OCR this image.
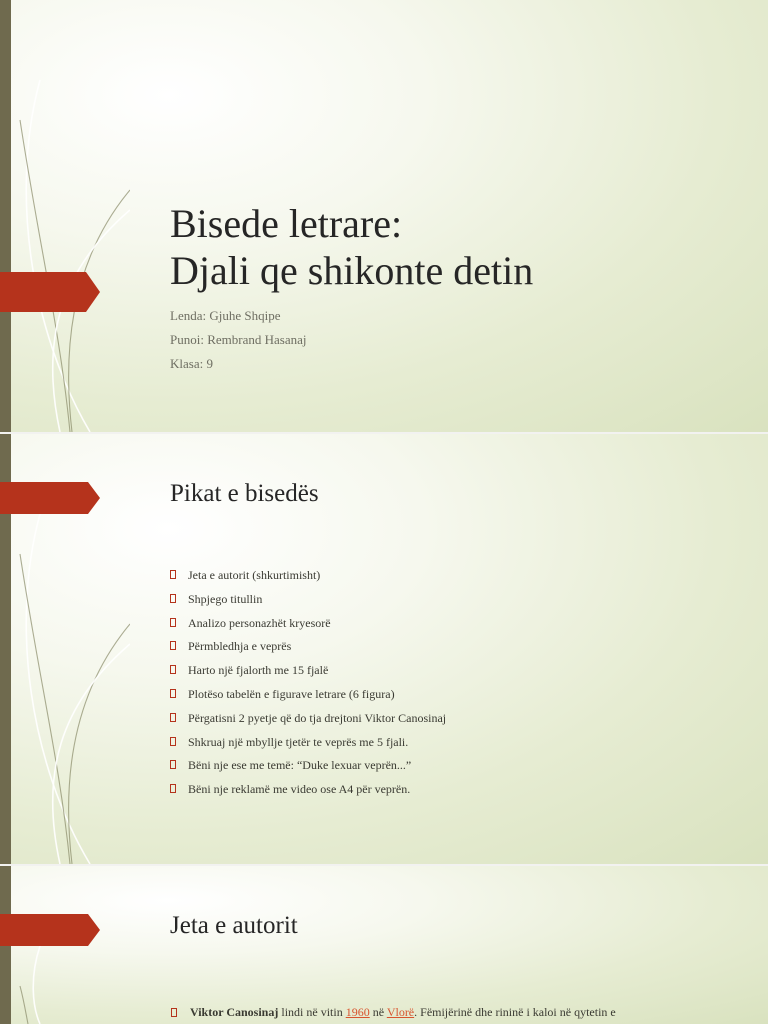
Bisede letrare:
Djali qe shikonte detin
Lenda: Gjuhe Shqipe
Punoi: Rembrand Hasanaj
Klasa: 9
Pikat e bisedës
Jeta e autorit (shkurtimisht)
Shpjego titullin
Analizo personazhët kryesorë
Përmbledhja e veprës
Harto një fjalorth me 15 fjalë
Plotëso tabelën e figurave letrare (6 figura)
Përgatisni 2 pyetje që do tja drejtoni Viktor Canosinaj
Shkruaj një mbyllje tjetër te veprës me 5 fjali.
Bëni nje ese me temë: “Duke lexuar veprën...”
Bëni nje reklamë me video ose A4 për veprën.
Jeta e autorit
Viktor Canosinaj lindi në vitin 1960 në Vlorë. Fëmijërinë dhe rininë i kaloi në qytetin e
